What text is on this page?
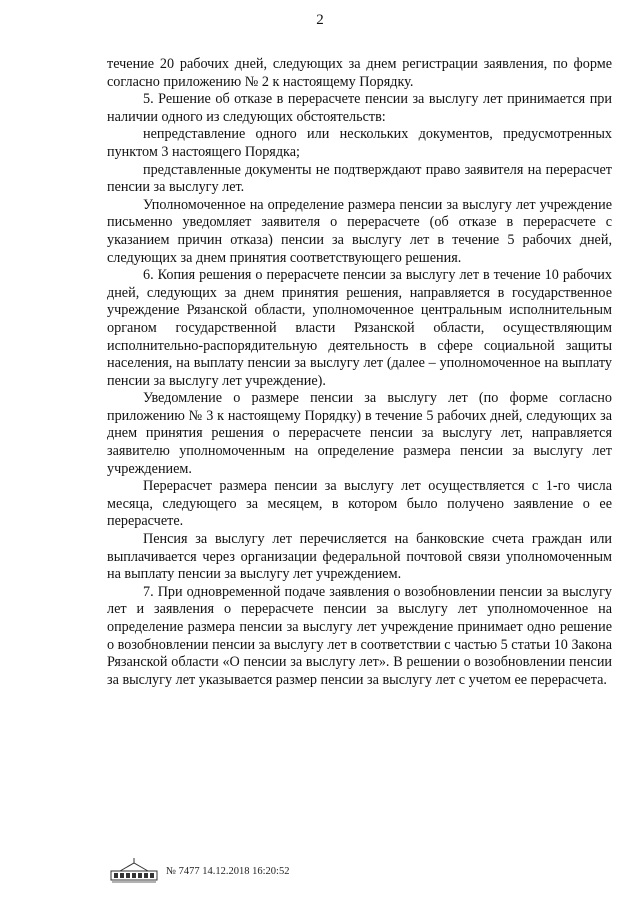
2

течение 20 рабочих дней, следующих за днем регистрации заявления, по форме согласно приложению № 2 к настоящему Порядку.

5. Решение об отказе в перерасчете пенсии за выслугу лет принимается при наличии одного из следующих обстоятельств:

непредставление одного или нескольких документов, предусмотренных пунктом 3 настоящего Порядка;

представленные документы не подтверждают право заявителя на перерасчет пенсии за выслугу лет.

Уполномоченное на определение размера пенсии за выслугу лет учреждение письменно уведомляет заявителя о перерасчете (об отказе в перерасчете с указанием причин отказа) пенсии за выслугу лет в течение 5 рабочих дней, следующих за днем принятия соответствующего решения.

6. Копия решения о перерасчете пенсии за выслугу лет в течение 10 рабочих дней, следующих за днем принятия решения, направляется в государственное учреждение Рязанской области, уполномоченное центральным исполнительным органом государственной власти Рязанской области, осуществляющим исполнительно-распорядительную деятельность в сфере социальной защиты населения, на выплату пенсии за выслугу лет (далее – уполномоченное на выплату пенсии за выслугу лет учреждение).

Уведомление о размере пенсии за выслугу лет (по форме согласно приложению № 3 к настоящему Порядку) в течение 5 рабочих дней, следующих за днем принятия решения о перерасчете пенсии за выслугу лет, направляется заявителю уполномоченным на определение размера пенсии за выслугу лет учреждением.

Перерасчет размера пенсии за выслугу лет осуществляется с 1-го числа месяца, следующего за месяцем, в котором было получено заявление о ее перерасчете.

Пенсия за выслугу лет перечисляется на банковские счета граждан или выплачивается через организации федеральной почтовой связи уполномоченным на выплату пенсии за выслугу лет учреждением.

7. При одновременной подаче заявления о возобновлении пенсии за выслугу лет и заявления о перерасчете пенсии за выслугу лет уполномоченное на определение размера пенсии за выслугу лет учреждение принимает одно решение о возобновлении пенсии за выслугу лет в соответствии с частью 5 статьи 10 Закона Рязанской области «О пенсии за выслугу лет». В решении о возобновлении пенсии за выслугу лет указывается размер пенсии за выслугу лет с учетом ее перерасчета.

№ 7477 14.12.2018 16:20:52
